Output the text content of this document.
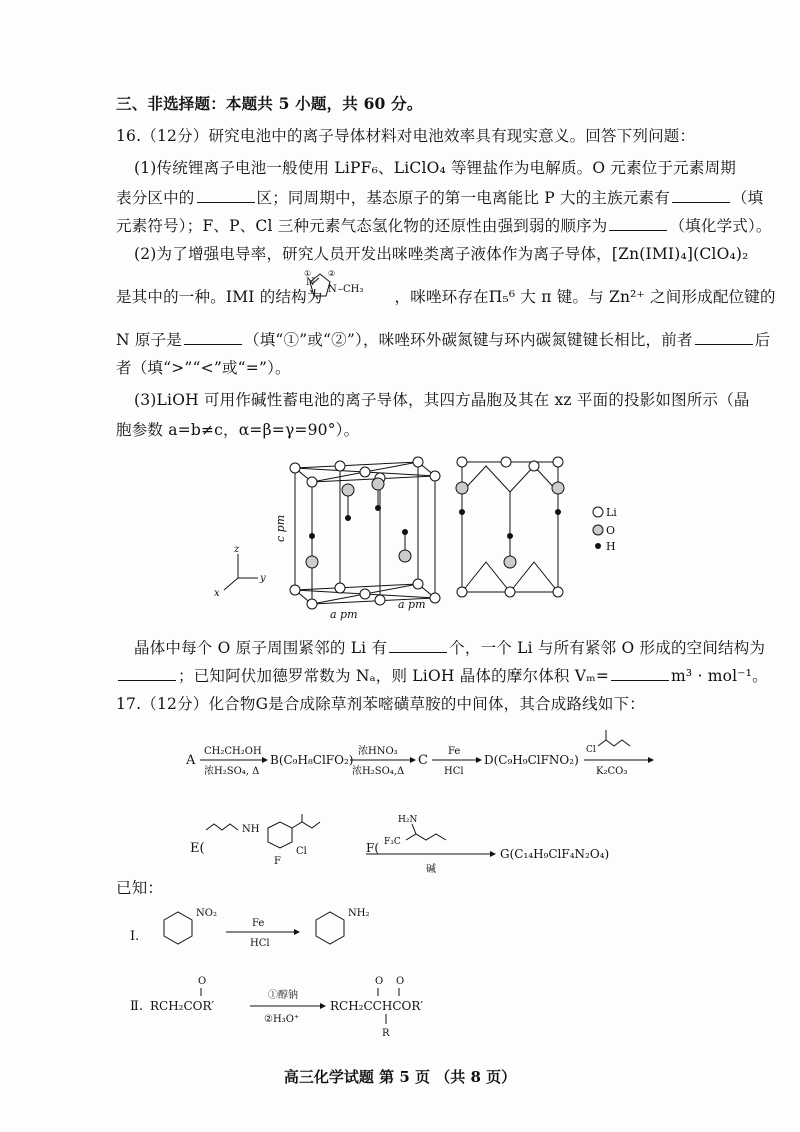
三、非选择题：本题共 5 小题，共 60 分。
16.（12分）研究电池中的离子导体材料对电池效率具有现实意义。回答下列问题：
(1)传统锂离子电池一般使用 LiPF₆、LiClO₄ 等锂盐作为电解质。O 元素位于元素周期
表分区中的	区；同周期中，基态原子的第一电离能比 P 大的主族元素有	（填
元素符号）；F、P、Cl 三种元素气态氢化物的还原性由强到弱的顺序为	（填化学式）。
(2)为了增强电导率，研究人员开发出咪唑类离子液体作为离子导体，[Zn(IMI)₄](ClO₄)₂
是其中的一种。IMI 的结构为	，咪唑环存在Π₅⁶ 大 π 键。与 Zn²⁺ 之间形成配位键的
① ②
N
N –CH₃
N 原子是	（填“①”或“②”），咪唑环外碳氮键与环内碳氮键键长相比，前者	后
者（填“>”“<”或“=”）。
(3)LiOH 可用作碱性蓄电池的离子导体，其四方晶胞及其在 xz 平面的投影如图所示（晶
胞参数 a=b≠c，α=β=γ=90°）。
c pm
a pm
a pm
z
y
x
Li
O
H
晶体中每个 O 原子周围紧邻的 Li 有	个，一个 Li 与所有紧邻 O 形成的空间结构为
；已知阿伏加德罗常数为 Nₐ，则 LiOH 晶体的摩尔体积 Vₘ=	m³ · mol⁻¹。
17.（12分）化合物G是合成除草剂苯嘧磺草胺的中间体，其合成路线如下：
A
CH₂CH₂OH
浓H₂SO₄, Δ
B(C₉H₈ClFO₂)
浓HNO₃
浓H₂SO₄,Δ
C
Fe
HCl
D(C₉H₉ClFNO₂)
Cl
K₂CO₃
E(
NH
F
Cl	F(
H₂N
F₃C
碱
G(C₁₄H₉ClF₄N₂O₄)
已知：
Ⅰ.
NO₂
Fe
HCl
NH₂
Ⅱ.
O
RCH₂COR′
①醇钠
②H₃O⁺
RCH₂CCHCOR′
O O
R
高三化学试题 第 5 页 （共 8 页）
